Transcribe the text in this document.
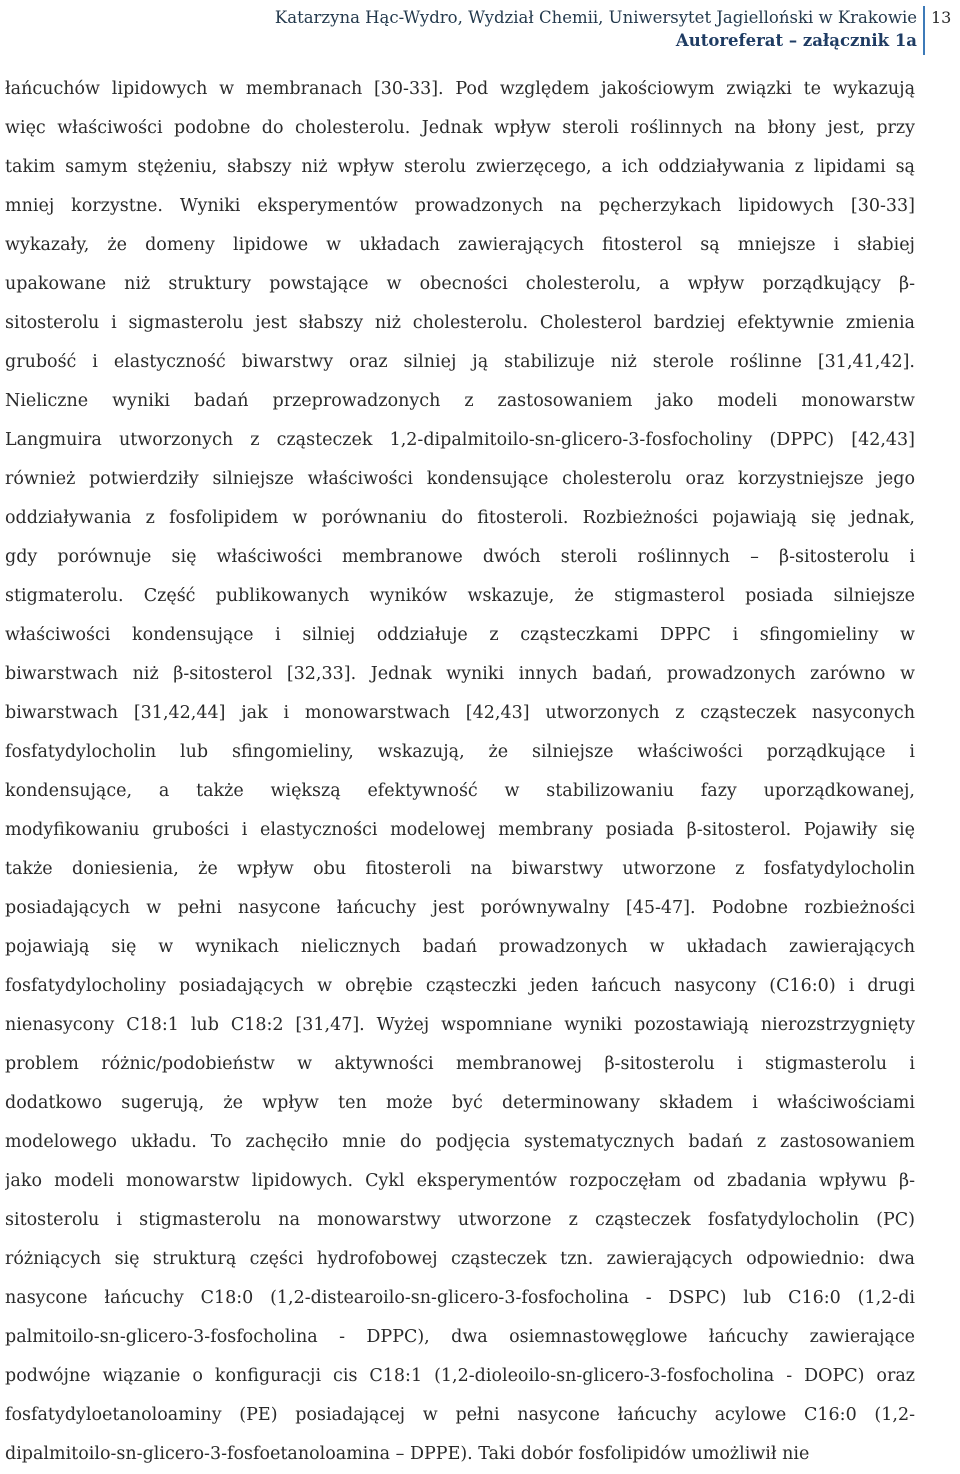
Katarzyna Hąc-Wydro, Wydział Chemii, Uniwersytet Jagielloński w Krakowie
Autoreferat – załącznik 1a
13
łańcuchów lipidowych w membranach [30-33]. Pod względem jakościowym związki te wykazują
więc właściwości podobne do cholesterolu. Jednak wpływ steroli roślinnych na błony jest, przy
takim samym stężeniu, słabszy niż wpływ sterolu zwierzęcego, a ich oddziaływania z lipidami są
mniej korzystne. Wyniki eksperymentów prowadzonych na pęcherzykach lipidowych [30-33]
wykazały, że domeny lipidowe w układach zawierających fitosterol są mniejsze i słabiej
upakowane niż struktury powstające w obecności cholesterolu, a wpływ porządkujący β-
sitosterolu i sigmasterolu jest słabszy niż cholesterolu. Cholesterol bardziej efektywnie zmienia
grubość i elastyczność biwarstwy oraz silniej ją stabilizuje niż sterole roślinne [31,41,42].
Nieliczne wyniki badań przeprowadzonych z zastosowaniem jako modeli monowarstw
Langmuira utworzonych z cząsteczek 1,2-dipalmitoilo-sn-glicero-3-fosfocholiny (DPPC) [42,43]
również potwierdziły silniejsze właściwości kondensujące cholesterolu oraz korzystniejsze jego
oddziaływania z fosfolipidem w porównaniu do fitosteroli. Rozbieżności pojawiają się jednak,
gdy porównuje się właściwości membranowe dwóch steroli roślinnych – β-sitosterolu i
stigmaterolu. Część publikowanych wyników wskazuje, że stigmasterol posiada silniejsze
właściwości kondensujące i silniej oddziałuje z cząsteczkami DPPC i sfingomieliny w
biwarstwach niż β-sitosterol [32,33]. Jednak wyniki innych badań, prowadzonych zarówno w
biwarstwach [31,42,44] jak i monowarstwach [42,43] utworzonych z cząsteczek nasyconych
fosfatydylocholin lub sfingomieliny, wskazują, że silniejsze właściwości porządkujące i
kondensujące, a także większą efektywność w stabilizowaniu fazy uporządkowanej,
modyfikowaniu grubości i elastyczności modelowej membrany posiada β-sitosterol. Pojawiły się
także doniesienia, że wpływ obu fitosteroli na biwarstwy utworzone z fosfatydylocholin
posiadających w pełni nasycone łańcuchy jest porównywalny [45-47]. Podobne rozbieżności
pojawiają się w wynikach nielicznych badań prowadzonych w układach zawierających
fosfatydylocholiny posiadających w obrębie cząsteczki jeden łańcuch nasycony (C16:0) i drugi
nienasycony C18:1 lub C18:2 [31,47]. Wyżej wspomniane wyniki pozostawiają nierozstrzygnięty
problem różnic/podobieństw w aktywności membranowej β-sitosterolu i stigmasterolu i
dodatkowo sugerują, że wpływ ten może być determinowany składem i właściwościami
modelowego układu. To zachęciło mnie do podjęcia systematycznych badań z zastosowaniem
jako modeli monowarstw lipidowych. Cykl eksperymentów rozpoczęłam od zbadania wpływu β-
sitosterolu i stigmasterolu na monowarstwy utworzone z cząsteczek fosfatydylocholin (PC)
różniących się strukturą części hydrofobowej cząsteczek tzn. zawierających odpowiednio: dwa
nasycone łańcuchy C18:0 (1,2-distearoilo-sn-glicero-3-fosfocholina - DSPC) lub C16:0 (1,2-di
palmitoilo-sn-glicero-3-fosfocholina - DPPC), dwa osiemnastowęglowe łańcuchy zawierające
podwójne wiązanie o konfiguracji cis C18:1 (1,2-dioleoilo-sn-glicero-3-fosfocholina - DOPC) oraz
fosfatydyloetanoloaminy (PE) posiadającej w pełni nasycone łańcuchy acylowe C16:0 (1,2-
dipalmitoilo-sn-glicero-3-fosfoetanoloamina – DPPE). Taki dobór fosfolipidów umożliwił nie
